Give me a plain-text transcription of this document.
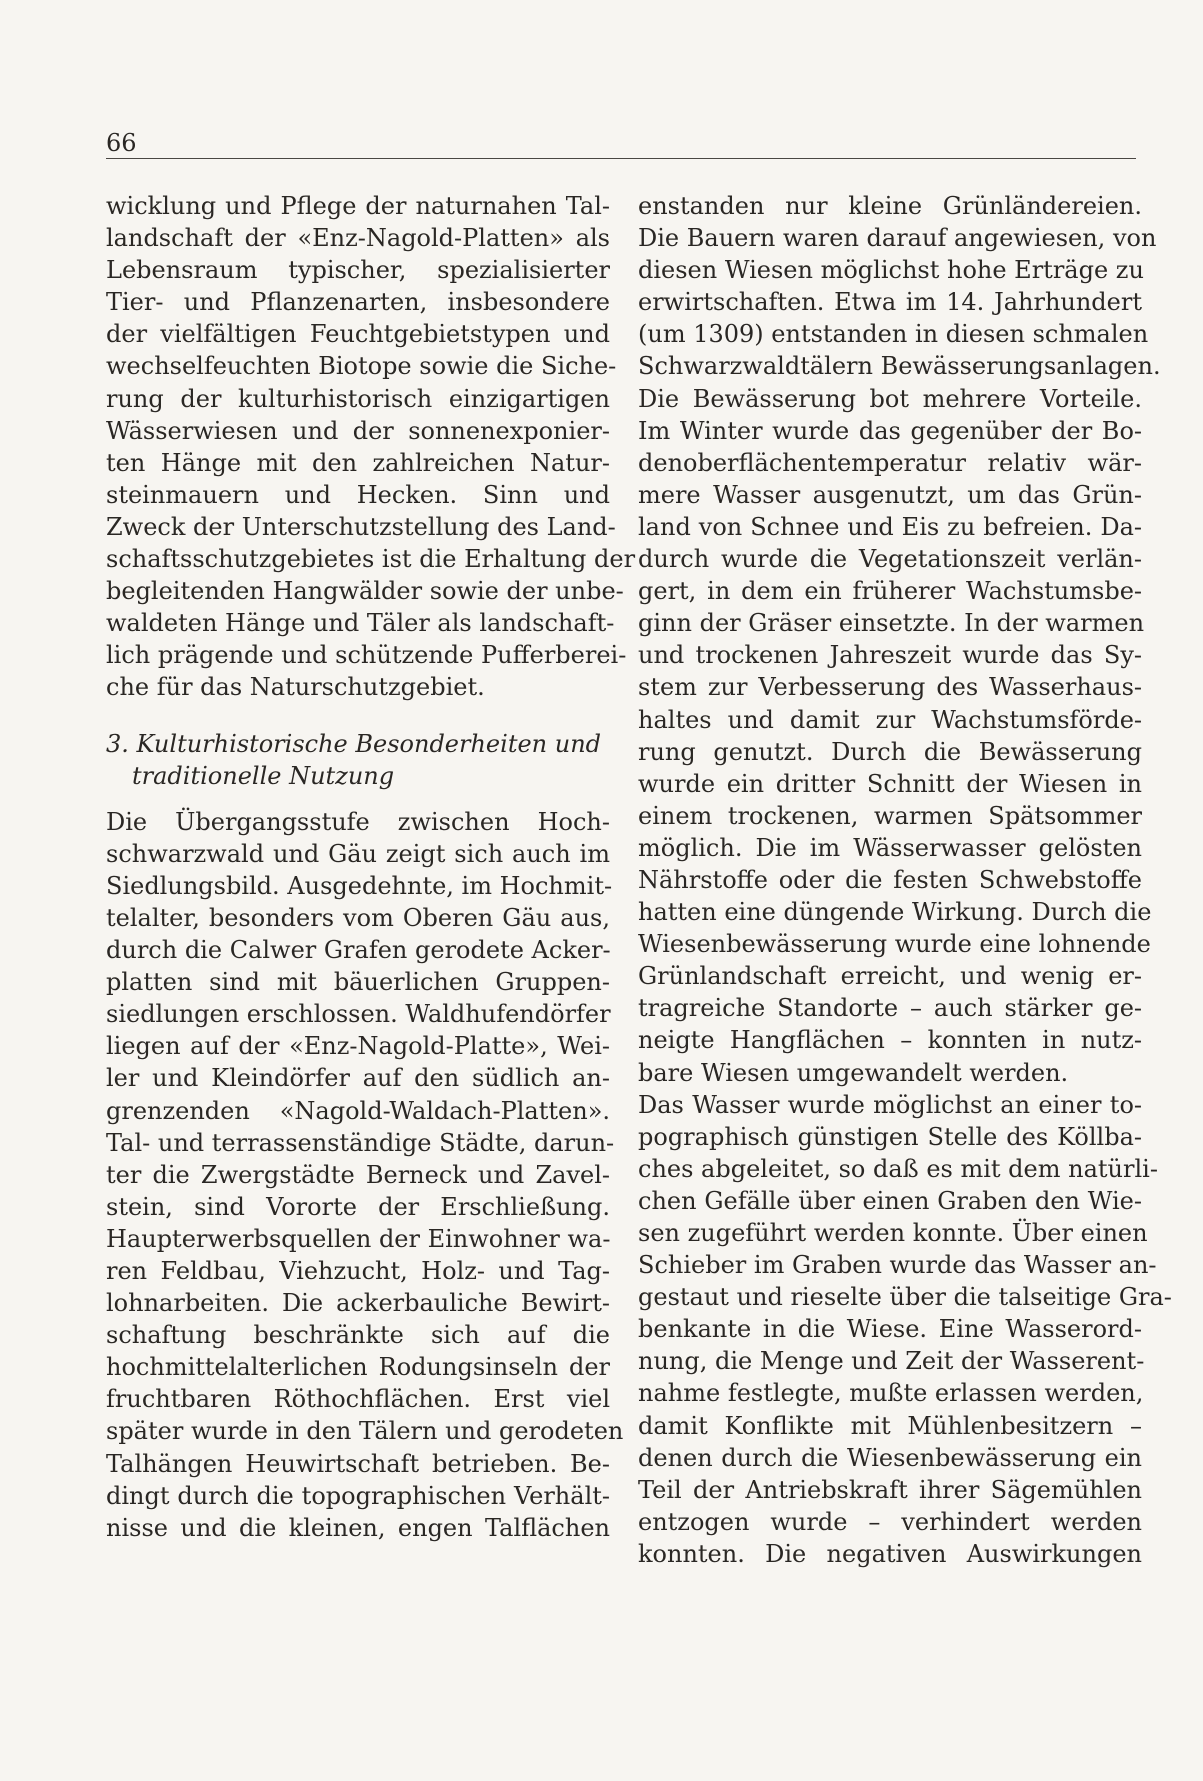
66
wicklung und Pflege der naturnahen Tal-
landschaft der «Enz-Nagold-Platten» als
Lebensraum typischer, spezialisierter
Tier- und Pflanzenarten, insbesondere
der vielfältigen Feuchtgebietstypen und
wechselfeuchten Biotope sowie die Siche-
rung der kulturhistorisch einzigartigen
Wässerwiesen und der sonnenexponier-
ten Hänge mit den zahlreichen Natur-
steinmauern und Hecken. Sinn und
Zweck der Unterschutzstellung des Land-
schaftsschutzgebietes ist die Erhaltung der
begleitenden Hangwälder sowie der unbe-
waldeten Hänge und Täler als landschaft-
lich prägende und schützende Pufferberei-
che für das Naturschutzgebiet.
3. Kulturhistorische Besonderheiten und
traditionelle Nutzung
Die Übergangsstufe zwischen Hoch-
schwarzwald und Gäu zeigt sich auch im
Siedlungsbild. Ausgedehnte, im Hochmit-
telalter, besonders vom Oberen Gäu aus,
durch die Calwer Grafen gerodete Acker-
platten sind mit bäuerlichen Gruppen-
siedlungen erschlossen. Waldhufendörfer
liegen auf der «Enz-Nagold-Platte», Wei-
ler und Kleindörfer auf den südlich an-
grenzenden «Nagold-Waldach-Platten».
Tal- und terrassenständige Städte, darun-
ter die Zwergstädte Berneck und Zavel-
stein, sind Vororte der Erschließung.
Haupterwerbsquellen der Einwohner wa-
ren Feldbau, Viehzucht, Holz- und Tag-
lohnarbeiten. Die ackerbauliche Bewirt-
schaftung beschränkte sich auf die
hochmittelalterlichen Rodungsinseln der
fruchtbaren Röthochflächen. Erst viel
später wurde in den Tälern und gerodeten
Talhängen Heuwirtschaft betrieben. Be-
dingt durch die topographischen Verhält-
nisse und die kleinen, engen Talflächen
enstanden nur kleine Grünländereien.
Die Bauern waren darauf angewiesen, von
diesen Wiesen möglichst hohe Erträge zu
erwirtschaften. Etwa im 14. Jahrhundert
(um 1309) entstanden in diesen schmalen
Schwarzwaldtälern Bewässerungsanlagen.
Die Bewässerung bot mehrere Vorteile.
Im Winter wurde das gegenüber der Bo-
denoberflächentemperatur relativ wär-
mere Wasser ausgenutzt, um das Grün-
land von Schnee und Eis zu befreien. Da-
durch wurde die Vegetationszeit verlän-
gert, in dem ein früherer Wachstumsbe-
ginn der Gräser einsetzte. In der warmen
und trockenen Jahreszeit wurde das Sy-
stem zur Verbesserung des Wasserhaus-
haltes und damit zur Wachstumsförde-
rung genutzt. Durch die Bewässerung
wurde ein dritter Schnitt der Wiesen in
einem trockenen, warmen Spätsommer
möglich. Die im Wässerwasser gelösten
Nährstoffe oder die festen Schwebstoffe
hatten eine düngende Wirkung. Durch die
Wiesenbewässerung wurde eine lohnende
Grünlandschaft erreicht, und wenig er-
tragreiche Standorte – auch stärker ge-
neigte Hangflächen – konnten in nutz-
bare Wiesen umgewandelt werden.
Das Wasser wurde möglichst an einer to-
pographisch günstigen Stelle des Köllba-
ches abgeleitet, so daß es mit dem natürli-
chen Gefälle über einen Graben den Wie-
sen zugeführt werden konnte. Über einen
Schieber im Graben wurde das Wasser an-
gestaut und rieselte über die talseitige Gra-
benkante in die Wiese. Eine Wasserord-
nung, die Menge und Zeit der Wasserent-
nahme festlegte, mußte erlassen werden,
damit Konflikte mit Mühlenbesitzern –
denen durch die Wiesenbewässerung ein
Teil der Antriebskraft ihrer Sägemühlen
entzogen wurde – verhindert werden
konnten. Die negativen Auswirkungen
